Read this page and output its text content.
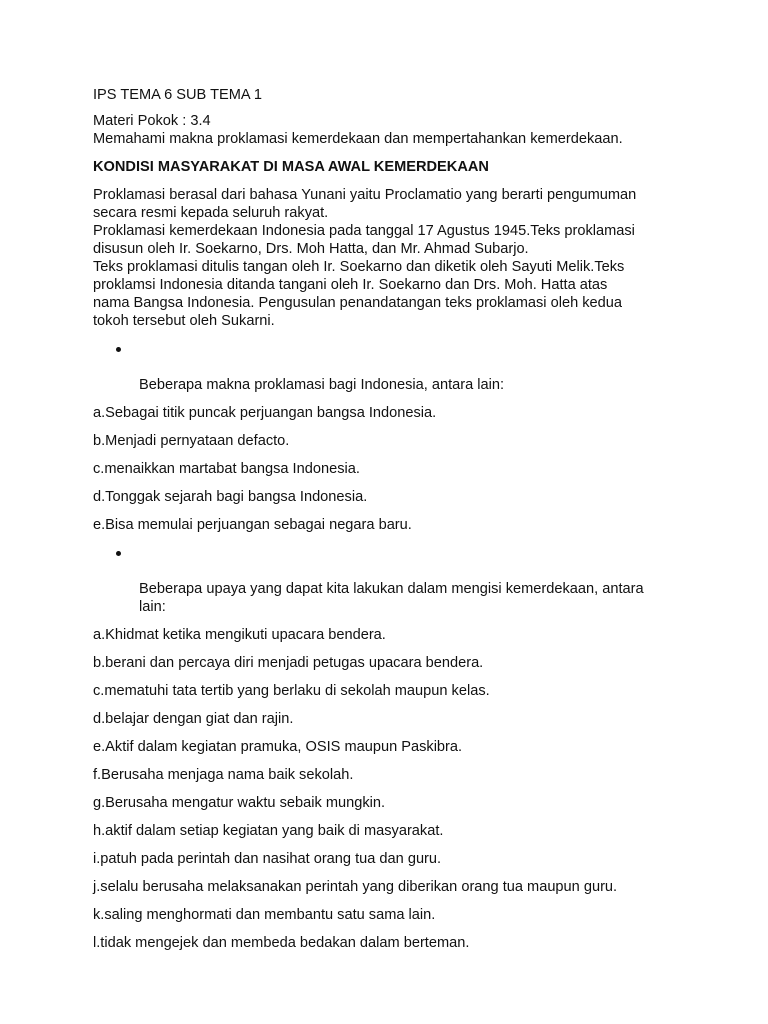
IPS TEMA 6 SUB TEMA 1
Materi Pokok : 3.4
Memahami makna proklamasi kemerdekaan dan mempertahankan kemerdekaan.
KONDISI MASYARAKAT DI MASA AWAL KEMERDEKAAN
Proklamasi berasal dari bahasa Yunani yaitu Proclamatio yang berarti pengumuman
secara resmi kepada seluruh rakyat.
Proklamasi kemerdekaan Indonesia pada tanggal 17 Agustus 1945.Teks proklamasi
disusun oleh Ir. Soekarno, Drs. Moh Hatta, dan Mr. Ahmad Subarjo.
Teks proklamasi ditulis tangan oleh Ir. Soekarno dan diketik oleh Sayuti Melik.Teks
proklamsi Indonesia ditanda tangani oleh Ir. Soekarno dan Drs. Moh. Hatta atas
nama Bangsa Indonesia. Pengusulan penandatangan teks proklamasi oleh kedua
tokoh tersebut oleh Sukarni.

Beberapa makna proklamasi bagi Indonesia, antara lain:

a.Sebagai titik puncak perjuangan bangsa Indonesia.
b.Menjadi pernyataan defacto.
c.menaikkan martabat bangsa Indonesia.
d.Tonggak sejarah bagi bangsa Indonesia.
e.Bisa memulai perjuangan sebagai negara baru.

Beberapa upaya yang dapat kita lakukan dalam mengisi kemerdekaan, antara
lain:

a.Khidmat ketika mengikuti upacara bendera.
b.berani dan percaya diri menjadi petugas upacara bendera.
c.mematuhi tata tertib yang berlaku di sekolah maupun kelas.
d.belajar dengan giat dan rajin.
e.Aktif dalam kegiatan pramuka, OSIS maupun Paskibra.
f.Berusaha menjaga nama baik sekolah.
g.Berusaha mengatur waktu sebaik mungkin.
h.aktif dalam setiap kegiatan yang baik di masyarakat.
i.patuh pada perintah dan nasihat orang tua dan guru.
j.selalu berusaha melaksanakan perintah yang diberikan orang tua maupun guru.
k.saling menghormati dan membantu satu sama lain.
l.tidak mengejek dan membeda bedakan dalam berteman.
